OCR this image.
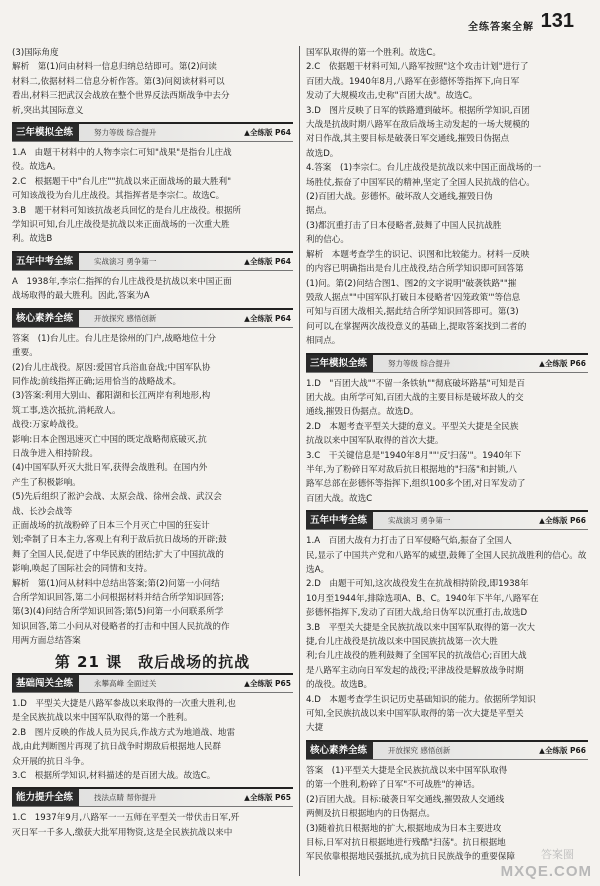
全练答案全解 131

(3)国际角度

解析　第(1)问由材料一信息归纳总结即可。第(2)问读

材料二,依据材料二信息分析作答。第(3)问阅读材料可以

看出,材料三把武汉会战放在整个世界反法西斯战争中去分

析,突出其国际意义

三年模拟全练	努力等级 综合提升	▲全练版 P64

1.A　由题干材料中的人物李宗仁可知"战果"是指台儿庄战

役。故选A。

2.C　根据题干中"台儿庄""抗战以来正面战场的最大胜利"

可知该战役为台儿庄战役。其指挥者是李宗仁。故选C。

3.B　题干材料可知该抗战老兵回忆的是台儿庄战役。根据所

学知识可知,台儿庄战役是抗战以来正面战场的一次重大胜

利。故选B

五年中考全练	实战演习 勇争第一	▲全练版 P64

A　1938年,李宗仁指挥的台儿庄战役是抗战以来中国正面

战场取得的最大胜利。因此,答案为A

核心素养全练	开放探究 感悟创新	▲全练版 P64

答案　(1)台儿庄。台儿庄是徐州的门户,战略地位十分

重要。

(2)台儿庄战役。原因:爱国官兵浴血奋战;中国军队协

同作战;前线指挥正确;运用恰当的战略战术。

(3)答案:利用大别山、鄱阳湖和长江两岸有利地形,构

筑工事,迭次抵抗,消耗敌人。

战役:万家岭战役。

影响:日本企图迅速灭亡中国的既定战略彻底破灭,抗

日战争进入相持阶段。

(4)中国军队歼灭大批日军,获得会战胜利。在国内外

产生了积极影响。

(5)先后组织了淞沪会战、太原会战、徐州会战、武汉会

战、长沙会战等

正面战场的抗战粉碎了日本三个月灭亡中国的狂妄计

划;牵制了日本主力,客观上有利于敌后抗日战场的开辟;鼓

舞了全国人民,促进了中华民族的团结;扩大了中国抗战的

影响,唤起了国际社会的同情和支持。

解析　第(1)问从材料中总结出答案;第(2)问第一小问结

合所学知识回答,第二小问根据材料并结合所学知识回答;

第(3)(4)问结合所学知识回答;第(5)问第一小问联系所学

知识回答,第二小问从对侵略者的打击和中国人民抗战的作

用两方面总结答案

第 21 课　敌后战场的抗战
基础闯关全练	永攀高峰 全面过关	▲全练版 P65

1.D　平型关大捷是八路军参战以来取得的一次重大胜利,也

是全民族抗战以来中国军队取得的第一个胜利。

2.B　图片反映的作战人员为民兵,作战方式为地道战、地雷

战,由此判断图片再现了抗日战争时期敌后根据地人民群

众开展的抗日斗争。

3.C　根据所学知识,材料描述的是百团大战。故选C。

能力提升全练	技法点睛 帮你提升	▲全练版 P65

1.C　1937年9月,八路军一一五师在平型关一带伏击日军,歼

灭日军一千多人,缴获大批军用物资,这是全民族抗战以来中

国军队取得的第一个胜利。故选C。

2.C　依据题干材料可知,八路军按照"这个攻击计划"进行了

百团大战。1940年8月,八路军在彭德怀等指挥下,向日军

发动了大规模攻击,史称"百团大战"。故选C。

3.D　图片反映了日军的铁路遭到破坏。根据所学知识,百团

大战是抗战时期八路军在敌后战场主动发起的一场大规模的

对日作战,其主要目标是破袭日军交通线,摧毁日伪据点

故选D。

4.答案　(1)李宗仁。台儿庄战役是抗战以来中国正面战场的一

场胜仗,振奋了中国军民的精神,坚定了全国人民抗战的信心。

(2)百团大战。彭德怀。破坏敌人交通线,摧毁日伪

据点。

(3)都沉重打击了日本侵略者,鼓舞了中国人民抗战胜

利的信心。

解析　本题考查学生的识记、识图和比较能力。材料一反映

的内容已明确指出是台儿庄战役,结合所学知识即可回答第

(1)问。第(2)问结合图1、图2的文字说明"破袭铁路""摧

毁敌人据点""中国军队打破日本侵略者'囚笼政策'"等信息

可知与百团大战相关,据此结合所学知识回答即可。第(3)

问可以,在掌握两次战役意义的基础上,提取答案找到二者的

相同点。

三年模拟全练	努力等级 综合提升	▲全练版 P66

1.D　"百团大战""不留一条铁轨""彻底破坏路基"可知是百

团大战。由所学可知,百团大战的主要目标是破坏敌人的交

通线,摧毁日伪据点。故选D。

2.D　本题考查平型关大捷的意义。平型关大捷是全民族

抗战以来中国军队取得的首次大捷。

3.C　干关键信息是"1940年8月""'反'扫荡'"。1940年下

半年,为了粉碎日军对敌后抗日根据地的"扫荡"和封锁,八

路军总部在彭德怀等指挥下,组织100多个团,对日军发动了

百团大战。故选C

五年中考全练	实战演习 勇争第一	▲全练版 P66

1.A　百团大战有力打击了日军侵略气焰,振奋了全国人

民,显示了中国共产党和八路军的威望,鼓舞了全国人民抗战胜利的信心。故选A。

2.D　由题干可知,这次战役发生在抗战相持阶段,即1938年

10月至1944年,排除选项A、B、C。1940年下半年,八路军在

彭德怀指挥下,发动了百团大战,给日伪军以沉重打击,故选D

3.B　平型关大捷是全民族抗战以来中国军队取得的第一次大

捷,台儿庄战役是抗战以来中国民族抗战第一次大胜

利;台儿庄战役的胜利鼓舞了全国军民的抗战信心;百团大战

是八路军主动向日军发起的战役;平津战役是解放战争时期

的战役。故选B。

4.D　本题考查学生识记历史基础知识的能力。依据所学知识

可知,全民族抗战以来中国军队取得的第一次大捷是平型关

大捷

核心素养全练	开放探究 感悟创新	▲全练版 P66

答案　(1)平型关大捷是全民族抗战以来中国军队取得

的第一个胜利,粉碎了日军"不可战胜"的神话。

(2)百团大战。目标:破袭日军交通线,摧毁敌人交通线

两侧及抗日根据地内的日伪据点。

(3)随着抗日根据地的扩大,根据地成为日本主要进攻

目标,日军对抗日根据地进行残酷"扫荡"。抗日根据地

军民依靠根据地民强抵抗,成为抗日民族战争的重要保障	答案圈
MXQE.COM
